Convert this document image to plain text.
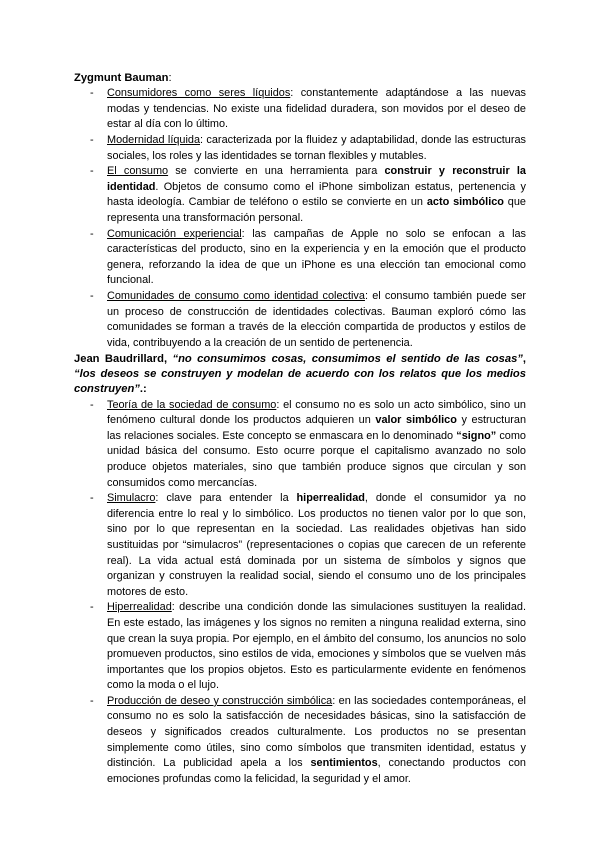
Zygmunt Bauman:

- Consumidores como seres líquidos: constantemente adaptándose a las nuevas modas y tendencias. No existe una fidelidad duradera, son movidos por el deseo de estar al día con lo último.
- Modernidad líquida: caracterizada por la fluidez y adaptabilidad, donde las estructuras sociales, los roles y las identidades se tornan flexibles y mutables.
- El consumo se convierte en una herramienta para construir y reconstruir la identidad. Objetos de consumo como el iPhone simbolizan estatus, pertenencia y hasta ideología. Cambiar de teléfono o estilo se convierte en un acto simbólico que representa una transformación personal.
- Comunicación experiencial: las campañas de Apple no solo se enfocan a las características del producto, sino en la experiencia y en la emoción que el producto genera, reforzando la idea de que un iPhone es una elección tan emocional como funcional.
- Comunidades de consumo como identidad colectiva: el consumo también puede ser un proceso de construcción de identidades colectivas. Bauman exploró cómo las comunidades se forman a través de la elección compartida de productos y estilos de vida, contribuyendo a la creación de un sentido de pertenencia.

Jean Baudrillard, “no consumimos cosas, consumimos el sentido de las cosas”, “los deseos se construyen y modelan de acuerdo con los relatos que los medios construyen”.:

- Teoría de la sociedad de consumo: el consumo no es solo un acto simbólico, sino un fenómeno cultural donde los productos adquieren un valor simbólico y estructuran las relaciones sociales. Este concepto se enmascara en lo denominado “signo” como unidad básica del consumo. Esto ocurre porque el capitalismo avanzado no solo produce objetos materiales, sino que también produce signos que circulan y son consumidos como mercancías.
- Simulacro: clave para entender la hiperrealidad, donde el consumidor ya no diferencia entre lo real y lo simbólico. Los productos no tienen valor por lo que son, sino por lo que representan en la sociedad. Las realidades objetivas han sido sustituidas por “simulacros” (representaciones o copias que carecen de un referente real). La vida actual está dominada por un sistema de símbolos y signos que organizan y construyen la realidad social, siendo el consumo uno de los principales motores de esto.
- Hiperrealidad: describe una condición donde las simulaciones sustituyen la realidad. En este estado, las imágenes y los signos no remiten a ninguna realidad externa, sino que crean la suya propia. Por ejemplo, en el ámbito del consumo, los anuncios no solo promueven productos, sino estilos de vida, emociones y símbolos que se vuelven más importantes que los propios objetos. Esto es particularmente evidente en fenómenos como la moda o el lujo.
- Producción de deseo y construcción simbólica: en las sociedades contemporáneas, el consumo no es solo la satisfacción de necesidades básicas, sino la satisfacción de deseos y significados creados culturalmente. Los productos no se presentan simplemente como útiles, sino como símbolos que transmiten identidad, estatus y distinción. La publicidad apela a los sentimientos, conectando productos con emociones profundas como la felicidad, la seguridad y el amor.
